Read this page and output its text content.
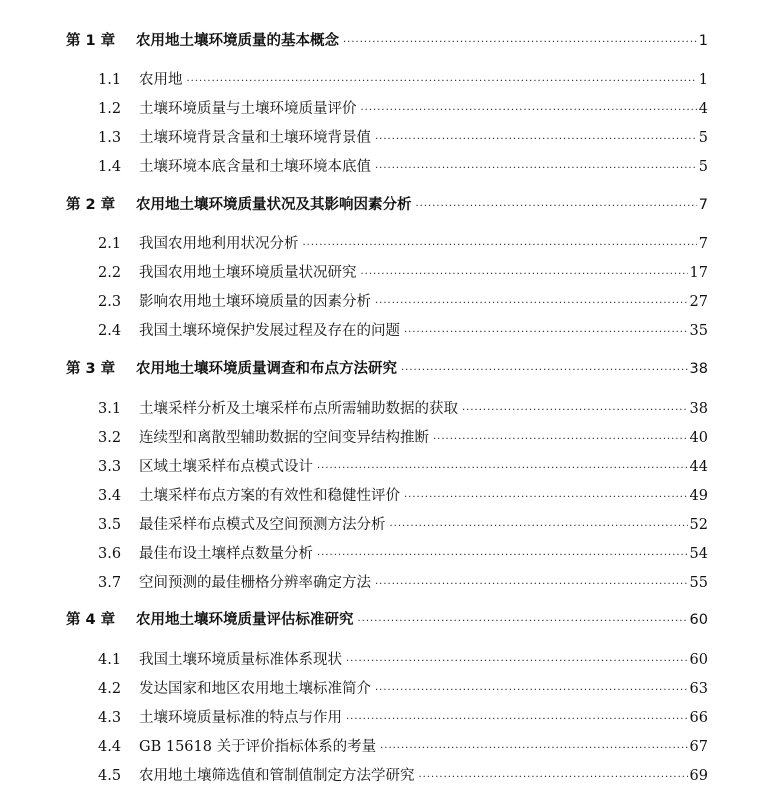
第 1 章	农用地土壤环境质量的基本概念 ·····	1
1.1	农用地 ·····	1
1.2	土壤环境质量与土壤环境质量评价 ·····	4
1.3	土壤环境背景含量和土壤环境背景值 ·····	5
1.4	土壤环境本底含量和土壤环境本底值 ·····	5
第 2 章	农用地土壤环境质量状况及其影响因素分析 ·····	7
2.1	我国农用地利用状况分析 ·····	7
2.2	我国农用地土壤环境质量状况研究 ·····	17
2.3	影响农用地土壤环境质量的因素分析 ·····	27
2.4	我国土壤环境保护发展过程及存在的问题 ·····	35
第 3 章	农用地土壤环境质量调查和布点方法研究 ·····	38
3.1	土壤采样分析及土壤采样布点所需辅助数据的获取 ·····	38
3.2	连续型和离散型辅助数据的空间变异结构推断 ·····	40
3.3	区域土壤采样布点模式设计 ·····	44
3.4	土壤采样布点方案的有效性和稳健性评价 ·····	49
3.5	最佳采样布点模式及空间预测方法分析 ·····	52
3.6	最佳布设土壤样点数量分析 ·····	54
3.7	空间预测的最佳栅格分辨率确定方法 ·····	55
第 4 章	农用地土壤环境质量评估标准研究 ·····	60
4.1	我国土壤环境质量标准体系现状 ·····	60
4.2	发达国家和地区农用地土壤标准简介 ·····	63
4.3	土壤环境质量标准的特点与作用 ·····	66
4.4	GB 15618 关于评价指标体系的考量 ·····	67
4.5	农用地土壤筛选值和管制值制定方法学研究 ·····	69
